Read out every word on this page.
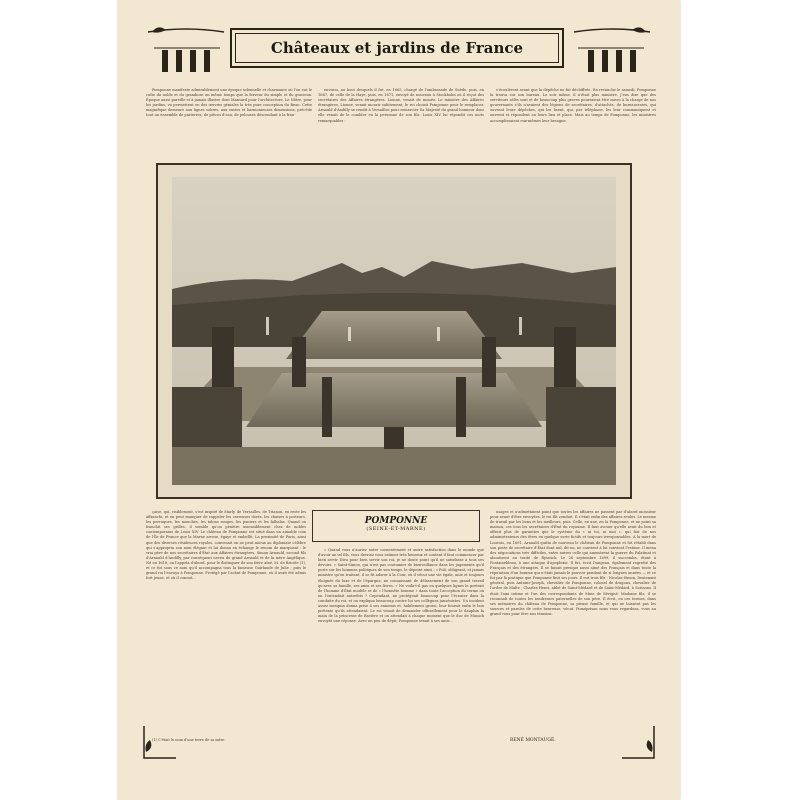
Châteaux et jardins de France

Pomponne manifeste admirablement une époque solennelle et charmante où l'on eut le culte du noble et du grandiose en même temps que la ferveur du simple et du gracieux. Époque aussi pareille et à jamais illustre dont Mansard pour l'architecture, Le Nôtre, pour les jardins, vu permettent en des œuvres géniales la très pure conception du Beau. Cette magnifique demeure aux lignes sobres, aux vastes et harmonieuses dimensions, précède tout un ensemble de parterres, de pièces d'eau, de pelouses descendant à la fran-

envirou, au bout desquels il fut, en 1665, chargé de l'ambassade de Suède, puis, en 1667, de celle de la Haye, puis, en 1671, envoyé de nouveau à Stockholm où il reçut des secrétaires des Affaires étrangères. Lionne, venait de mourir. Le ministre des Affaires étrangères, Lionne, venait mourir subitement, le roi choisit Pomponne pour le remplacer. Arnauld d'Andilly se rendit à Versailles pour remercier Sa Majesté du grand honneur dont elle venait de le combler en la personne de son fils. Louis XIV lui répondit ces mots remarquables :

s'écoulèrent avant que la dépêche ne fut déchiffrée. En revanche le samedi, Pomponne la trouva sur son bureau. Le soir même, il n'était plus ministre. J'eus dire que des serviteurs zélés sont et de beaucoup plus graves pourraient être mises à la charge de nos gouvernants s'ils n'avaient des légions de secrétaires, d'attachés, de bureaucrates, qui ouvrent leurs dépêches, qui les lisent, qui, par téléphone, les leur communiquent et ouvrent et répondent en leurs lieu et place. Mais au temps de Pomponne, les ministres accomplissaient eux-mêmes leur besogne.

POMPONNE
(SEINE-ET-MARNE)

çaise, qui, visiblement, s'est inspiré de Marly, de Versailles, de Trianon, en reste les affranchi, et en peut manquer de rappeler les carrosses dorés, les chaises à porteurs, les perruques, les mouches, les talons rouges, les paniers et les falbalas. Quand on franchit ses grilles, il semble qu'on pénètre insensiblement chez de nobles contemporains de Louis XIV. Le château de Pomponne est situé dans un aimable coin de l'Île de France que la Marne arrose, égaye et embellit. La proximité de Paris, ainsi que des diverses résidences royales, convenait on ne peut mieux au diplomate célèbre qui s'appropria son nom élégant et lui donna en échange le renom de marquisat : le vrai père de nos secrétaires d'État aux Affaires étrangères, Simon Arnauld, second fils d'Arnauld d'Andilly, par conséquent neveu du grand Arnauld et de la mère Angélique. Né en 1618, on l'appela d'abord, pour le distinguer de son frère aîné, M. de Briotte (1), et ce fut sous ce nom qu'il accompagna tous la fameuse Guirlande de Julie ; puis le grand roi l'envoya à Pomponne. Protégé par l'achat de Pomponne, où il avait été admis fort jeune, et où il connut...

« Quand vous n'auriez autre consentement et autre satisfaction dans le monde que d'avoir un tel fils, vous devriez vous estimer très heureux et content il faut commencer par bien servir Dieu pour bien servir son roi, je ne doute point qu'il ne satisfasse à tous ses devoirs. » Saint-Simon, qui n'est pas coutumier de bienveillance dans les jugements qu'il porte sur les hommes politiques de son temps, le dépeint ainsi : « Poli, obligeant, et jamais ministre qu'en traitant, il se fit adorer à la Cour, où il vécut une vie égale, unie et toujours éloignée du luxe et de l'épargne, ne connaissant de délassement de son grand travail qu'avec sa famille, ses amis et ses livres. » Ne voilà-t-il pas en quelques lignes le portrait de l'homme d'État modèle et de « l'honnête homme » dans toute l'acception du terme où on l'entendait autrefois ? Cependant, ne protégeait beaucoup pour l'écouter dans la conduite du roi, et on expliqua beaucoup contre lui ses collègues jansénistes. Un incident assez mesquin donna prise à ses ennemis et, habilement grossi, leur fournit enfin le bon prétexte qu'ils attendaient. Le roi venait de demander officiellement pour le dauphin la main de la princesse de Bavière et on attendait à chaque moment que le duc de Munich envoyât une réponse. Avec un peu de dépit, Pomponne tenait à ses amis...

usages et n'admettaient point que toutes les affaires ne passent par d'abord monsieur pour avant d'être envoyées, le roi fût conduit. Il s'était enfin des affaires seules. Le mesme de travail par les bons et les meilleurs, puis. Celle, en une, en la Pomponne, et ne point sa maison, ces tous les secrétaires d'État du royaume. Il faut avouer qu'elle avait du bon et offrait plus de garanties que le système du « ni toi, ni moi ». qui fait de nos administrateurs des êtres en quelque sorte fictifs et toujours irresponsables. A la mort de Louvois, en 1691, Arnauld quitta de nouveau le château de Pomponne et fut rétabli dans son poste de secrétaire d'État dont nul, dit-on, ne convient à lui convient l'estime. Il mena des négociations très difficiles, entre autres celle qui amenèrent la guerre du Palatinat et aboutirent au traité de Ryswick. Le 26 septembre 1699, il succomba, étant à Fontainebleau, à une attaque d'apoplexie. Il fut, écrit Dangeau, également regretté des Français et des étrangers. Il se faisait presque aussi aimé des Français et dans toute la réputation d'un homme qui n'était jamais le pouvoir pendant de si longues années — et ce fut par là pratique que Pomponne finit ses jours. Il eut trois fils : Nicolas-Simon, lieutenant général, puis Antoine-Joseph, chevalier de Pomponne, colonel de dragons, chevalier de l'ordre de Malte ; Charles-Henri, abbé de Saint-Médard et de Saint-Médard, à Soissons. Il était l'ami intime et l'un des correspondants de Mme de Sévigné. Madame fils, il se reconnaît de toutes les tendresses paternelles de son père. Il écrit, en ces termes, dans ses mémoires du château de Pomponne, sa pieuse famille, et qui ne laissent pas les sources et paroles de cette heureuse, vécut. Poméprison nous vous regardons, vous au grand vous pour être nos témoins.

(1) C'était le nom d'une terre de sa mère.	RENÉ MONTAUGÉ.
